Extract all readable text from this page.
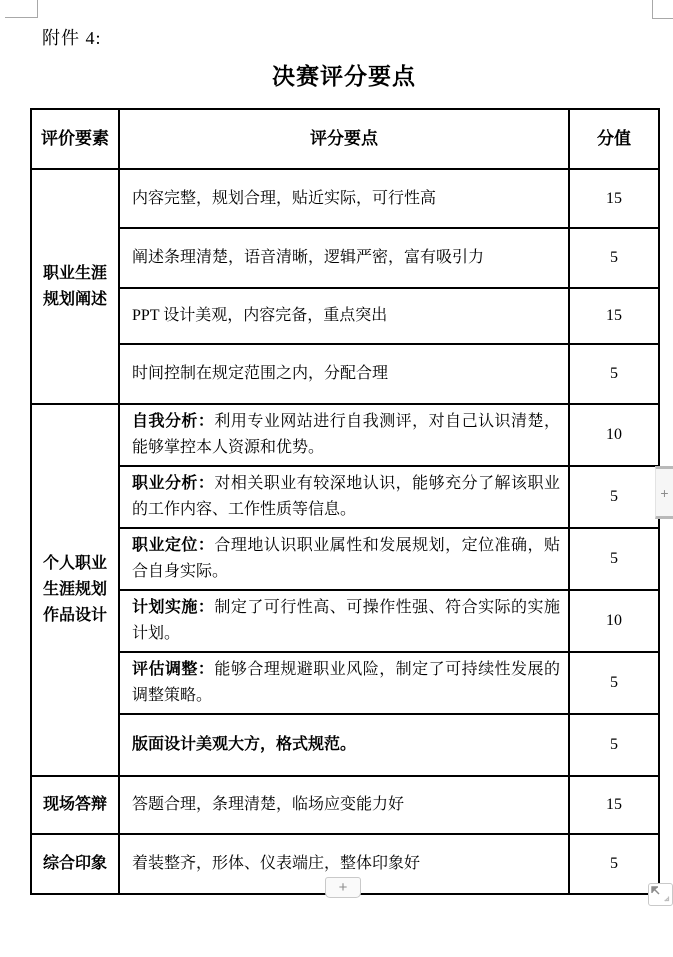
附件 4:
决赛评分要点
评价要素	评分要点	分值
职业生涯规划阐述	内容完整，规划合理，贴近实际，可行性高	15
	阐述条理清楚，语音清晰，逻辑严密，富有吸引力	5
	PPT 设计美观，内容完备，重点突出	15
	时间控制在规定范围之内，分配合理	5
个人职业生涯规划作品设计	自我分析：利用专业网站进行自我测评，对自己认识清楚，能够掌控本人资源和优势。	10
	职业分析：对相关职业有较深地认识，能够充分了解该职业的工作内容、工作性质等信息。	5
	职业定位：合理地认识职业属性和发展规划，定位准确，贴合自身实际。	5
	计划实施：制定了可行性高、可操作性强、符合实际的实施计划。	10
	评估调整：能够合理规避职业风险，制定了可持续性发展的调整策略。	5
	版面设计美观大方，格式规范。	5
现场答辩	答题合理，条理清楚，临场应变能力好	15
综合印象	着装整齐，形体、仪表端庄，整体印象好	5
+
+
